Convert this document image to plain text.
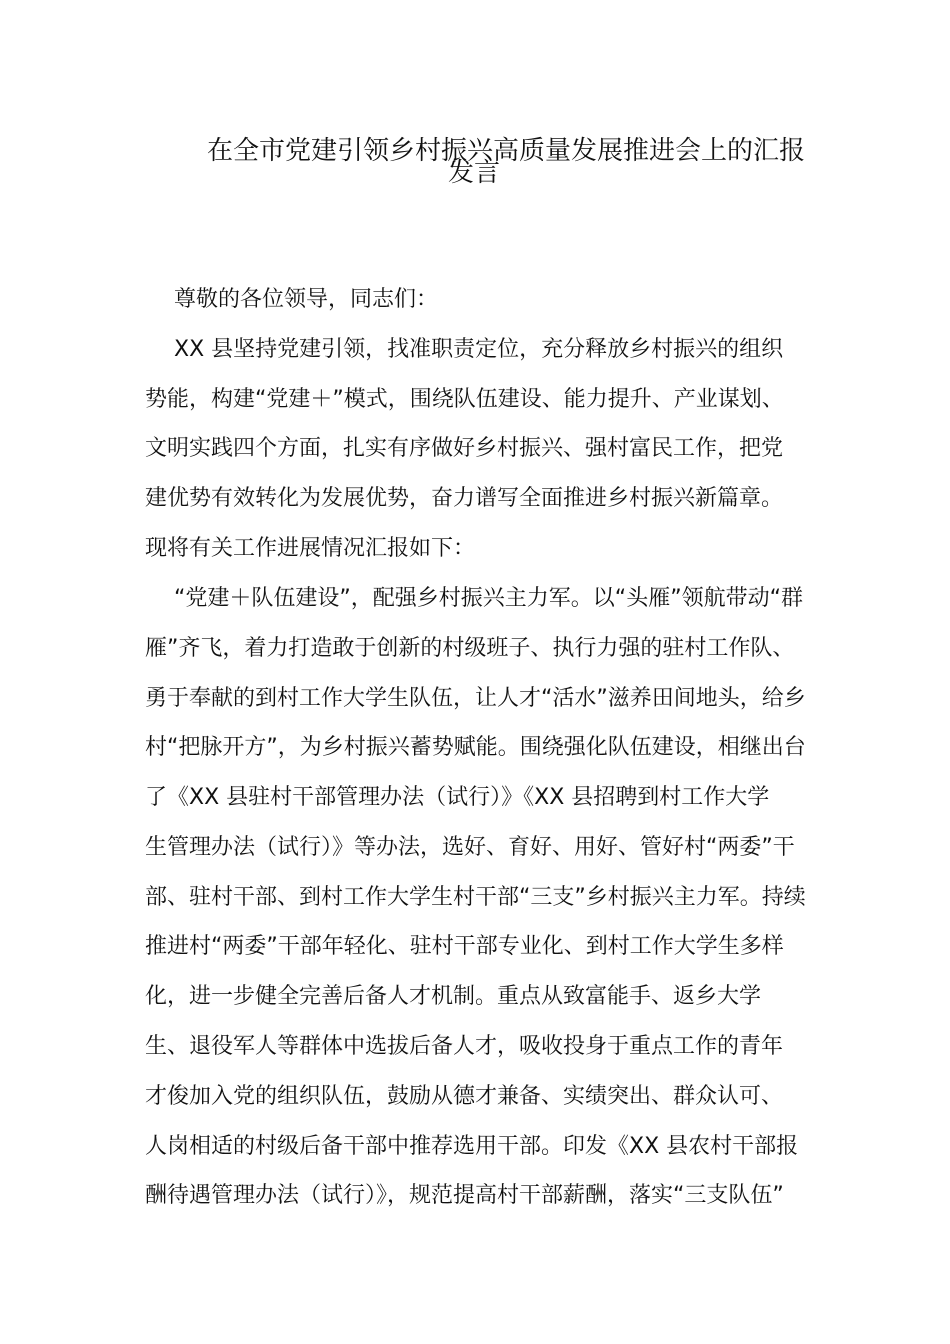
在全市党建引领乡村振兴高质量发展推进会上的汇报
发言
尊敬的各位领导，同志们：
XX 县坚持党建引领，找准职责定位，充分释放乡村振兴的组织
势能，构建“党建＋”模式，围绕队伍建设、能力提升、产业谋划、
文明实践四个方面，扎实有序做好乡村振兴、强村富民工作，把党
建优势有效转化为发展优势，奋力谱写全面推进乡村振兴新篇章。
现将有关工作进展情况汇报如下：
“党建＋队伍建设”，配强乡村振兴主力军。以“头雁”领航带动“群
雁”齐飞，着力打造敢于创新的村级班子、执行力强的驻村工作队、
勇于奉献的到村工作大学生队伍，让人才“活水”滋养田间地头，给乡
村“把脉开方”，为乡村振兴蓄势赋能。围绕强化队伍建设，相继出台
了《XX 县驻村干部管理办法（试行）》《XX 县招聘到村工作大学
生管理办法（试行）》等办法，选好、育好、用好、管好村“两委”干
部、驻村干部、到村工作大学生村干部“三支”乡村振兴主力军。持续
推进村“两委”干部年轻化、驻村干部专业化、到村工作大学生多样
化，进一步健全完善后备人才机制。重点从致富能手、返乡大学
生、退役军人等群体中选拔后备人才，吸收投身于重点工作的青年
才俊加入党的组织队伍，鼓励从德才兼备、实绩突出、群众认可、
人岗相适的村级后备干部中推荐选用干部。印发《XX 县农村干部报
酬待遇管理办法（试行）》，规范提高村干部薪酬，落实“三支队伍”
